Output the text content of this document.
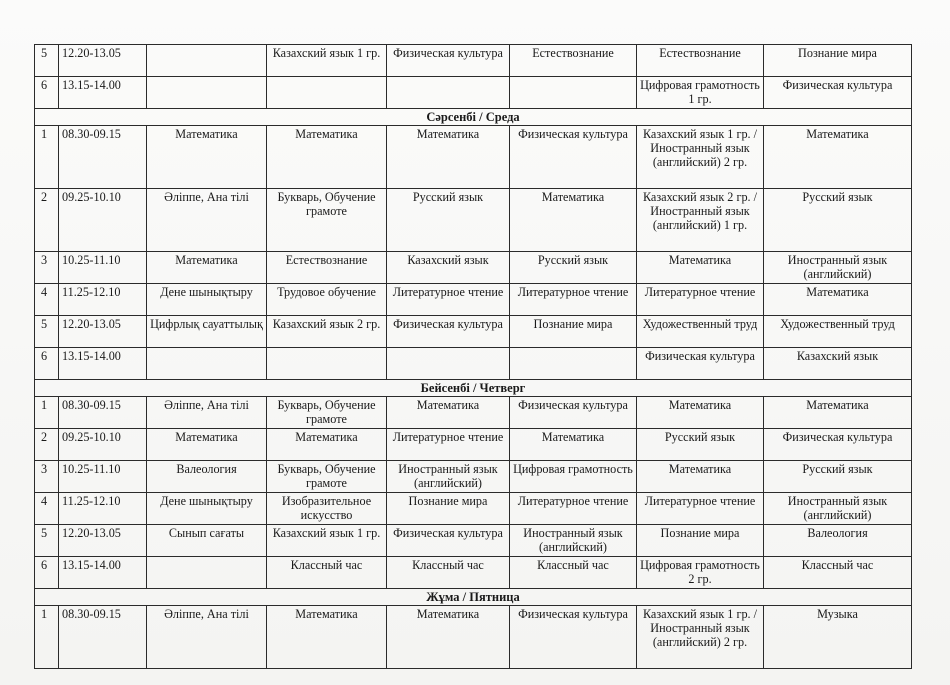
5	12.20-13.05		Казахский язык 1 гр.	Физическая культура	Естествознание	Естествознание	Познание мира
6	13.15-14.00					Цифровая грамотность 1 гр.	Физическая культура
Сәрсенбі / Среда							
1	08.30-09.15	Математика	Математика	Математика	Физическая культура	Казахский язык 1 гр. / Иностранный язык (английский) 2 гр.	Математика
2	09.25-10.10	Әліппе, Ана тілі	Букварь, Обучение грамоте	Русский язык	Математика	Казахский язык 2 гр. / Иностранный язык (английский) 1 гр.	Русский язык
3	10.25-11.10	Математика	Естествознание	Казахский язык	Русский язык	Математика	Иностранный язык (английский)
4	11.25-12.10	Дене шынықтыру	Трудовое обучение	Литературное чтение	Литературное чтение	Литературное чтение	Математика
5	12.20-13.05	Цифрлық сауаттылық	Казахский язык 2 гр.	Физическая культура	Познание мира	Художественный труд	Художественный труд
6	13.15-14.00					Физическая культура	Казахский язык
Бейсенбі / Четверг							
1	08.30-09.15	Әліппе, Ана тілі	Букварь, Обучение грамоте	Математика	Физическая культура	Математика	Математика
2	09.25-10.10	Математика	Математика	Литературное чтение	Математика	Русский язык	Физическая культура
3	10.25-11.10	Валеология	Букварь, Обучение грамоте	Иностранный язык (английский)	Цифровая грамотность	Математика	Русский язык
4	11.25-12.10	Дене шынықтыру	Изобразительное искусство	Познание мира	Литературное чтение	Литературное чтение	Иностранный язык (английский)
5	12.20-13.05	Сынып сағаты	Казахский язык 1 гр.	Физическая культура	Иностранный язык (английский)	Познание мира	Валеология
6	13.15-14.00		Классный час	Классный час	Классный час	Цифровая грамотность 2 гр.	Классный час
Жұма / Пятница							
1	08.30-09.15	Әліппе, Ана тілі	Математика	Математика	Физическая культура	Казахский язык 1 гр. / Иностранный язык (английский) 2 гр.	Музыка
